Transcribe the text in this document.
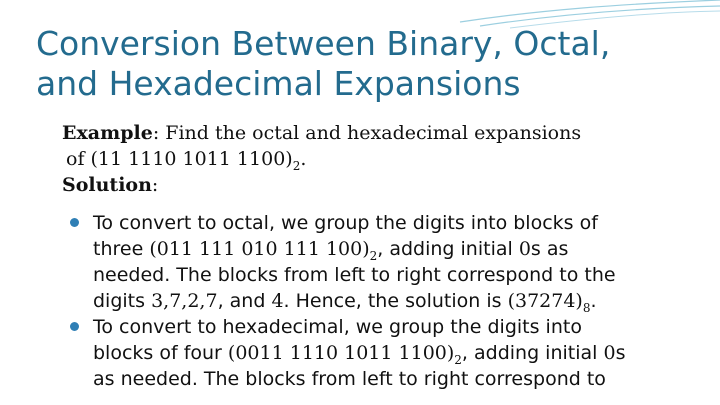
Conversion Between Binary, Octal,
and Hexadecimal Expansions
Example: Find the octal and hexadecimal expansions
of (11 1110 1011 $1100)_2$.
Solution:
To convert to octal, we group the digits into blocks of
three (011 111 010 111 $100)_2$, adding initial 0s as
needed. The blocks from left to right correspond to the
digits 3,7,2,7, and 4. Hence, the solution is $(37274)_8$.
To convert to hexadecimal, we group the digits into
blocks of four (0011 1110 1011 $1100)_2$, adding initial 0s
as needed. The blocks from left to right correspond to
